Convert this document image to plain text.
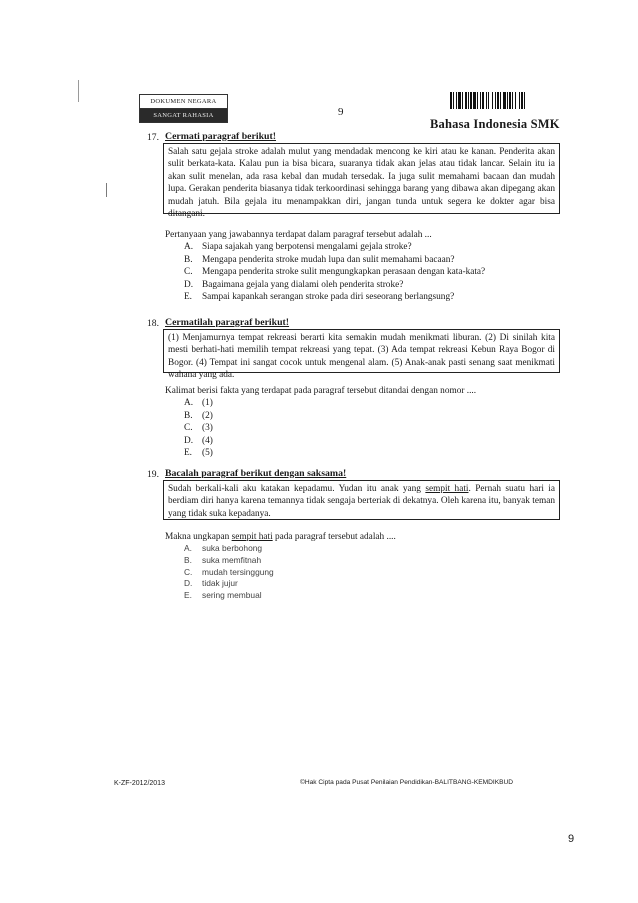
DOKUMEN NEGARA
SANGAT RAHASIA	9
Bahasa Indonesia SMK
17. Cermati paragraf berikut!

Salah satu gejala stroke adalah mulut yang mendadak mencong ke kiri atau ke kanan. Penderita akan sulit berkata-kata. Kalau pun ia bisa bicara, suaranya tidak akan jelas atau tidak lancar. Selain itu ia akan sulit menelan, ada rasa kebal dan mudah tersedak. Ia juga sulit memahami bacaan dan mudah lupa. Gerakan penderita biasanya tidak terkoordinasi sehingga barang yang dibawa akan dipegang akan mudah jatuh. Bila gejala itu menampakkan diri, jangan tunda untuk segera ke dokter agar bisa ditangani.

Pertanyaan yang jawabannya terdapat dalam paragraf tersebut adalah ...
A. Siapa sajakah yang berpotensi mengalami gejala stroke?
B.	Mengapa penderita stroke mudah lupa dan sulit memahami bacaan?
C.	Mengapa penderita stroke sulit mengungkapkan perasaan dengan kata-kata?
D. Bagaimana gejala yang dialami oleh penderita stroke?
E.	Sampai kapankah serangan stroke pada diri seseorang berlangsung?
18. Cermatilah paragraf berikut!

(1) Menjamurnya tempat rekreasi berarti kita semakin mudah menikmati liburan. (2) Di sinilah kita mesti berhati-hati memilih tempat rekreasi yang tepat. (3) Ada tempat rekreasi Kebun Raya Bogor di Bogor. (4) Tempat ini sangat cocok untuk mengenal alam. (5) Anak-anak pasti senang saat menikmati wahana yang ada.

Kalimat berisi fakta yang terdapat pada paragraf tersebut ditandai dengan nomor ....
A. (1)
B.	(2)
C.	(3)
D. (4)
E.	(5)
19. Bacalah paragraf berikut dengan saksama!

Sudah berkali-kali aku katakan kepadamu. Yudan itu anak yang sempit hati. Pernah suatu hari ia berdiam diri hanya karena temannya tidak sengaja berteriak di dekatnya. Oleh karena itu, banyak teman yang tidak suka kepadanya.

Makna ungkapan sempit hati pada paragraf tersebut adalah ....
A.	suka berbohong
B.	suka memfitnah
C.	mudah tersinggung
D.	tidak jujur
E.	sering membual
K-ZF-2012/2013	©Hak Cipta pada Pusat Penilaian Pendidikan-BALITBANG-KEMDIKBUD
9
